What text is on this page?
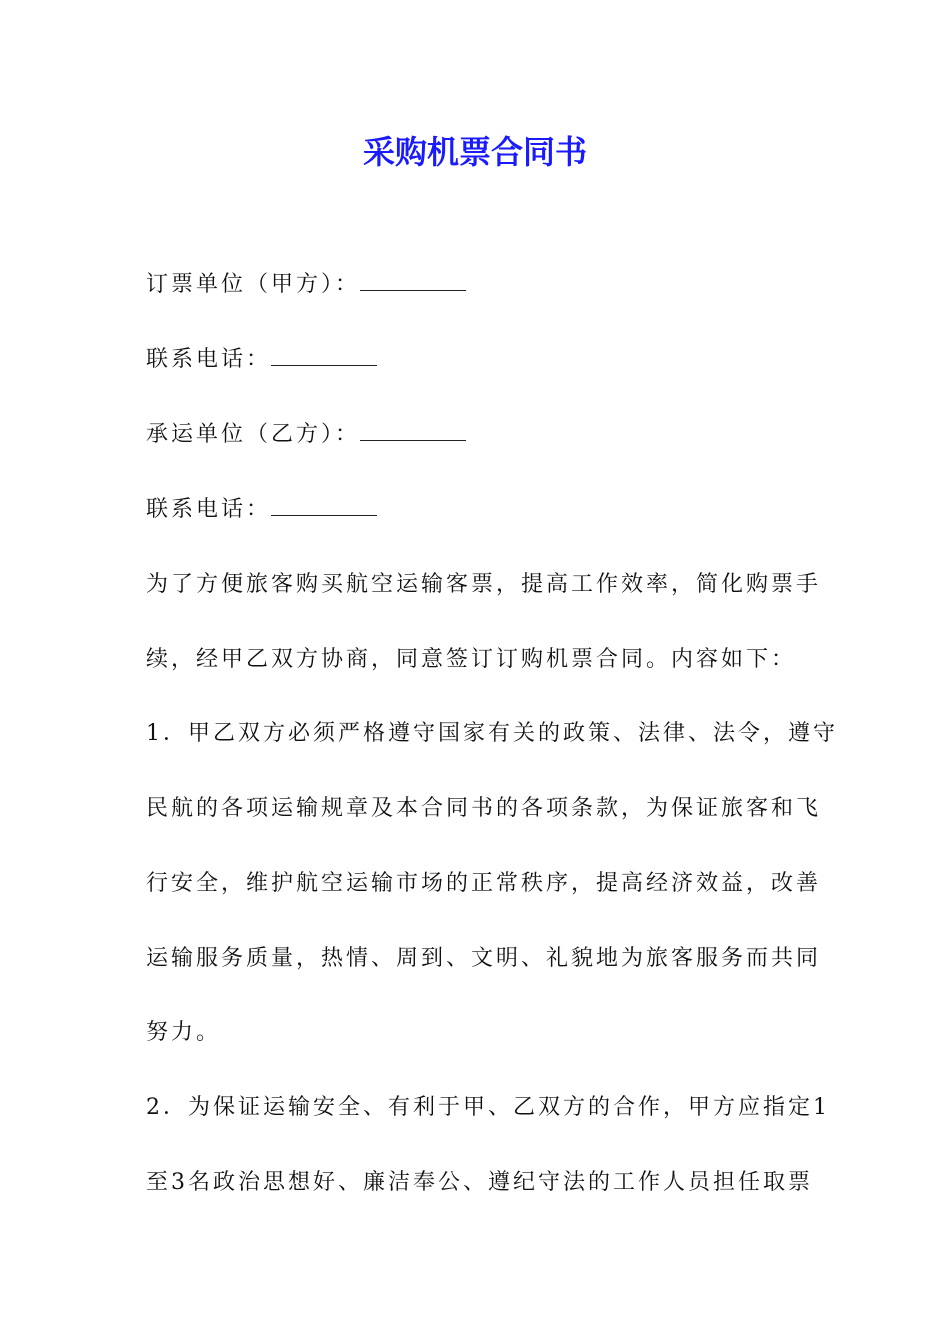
采购机票合同书

订票单位（甲方）：

联系电话：

承运单位（乙方）：

联系电话：

为了方便旅客购买航空运输客票，提高工作效率，简化购票手

续，经甲乙双方协商，同意签订订购机票合同。内容如下：

1．甲乙双方必须严格遵守国家有关的政策、法律、法令，遵守

民航的各项运输规章及本合同书的各项条款，为保证旅客和飞

行安全，维护航空运输市场的正常秩序，提高经济效益，改善

运输服务质量，热情、周到、文明、礼貌地为旅客服务而共同

努力。

2．为保证运输安全、有利于甲、乙双方的合作，甲方应指定1

至3名政治思想好、廉洁奉公、遵纪守法的工作人员担任取票
